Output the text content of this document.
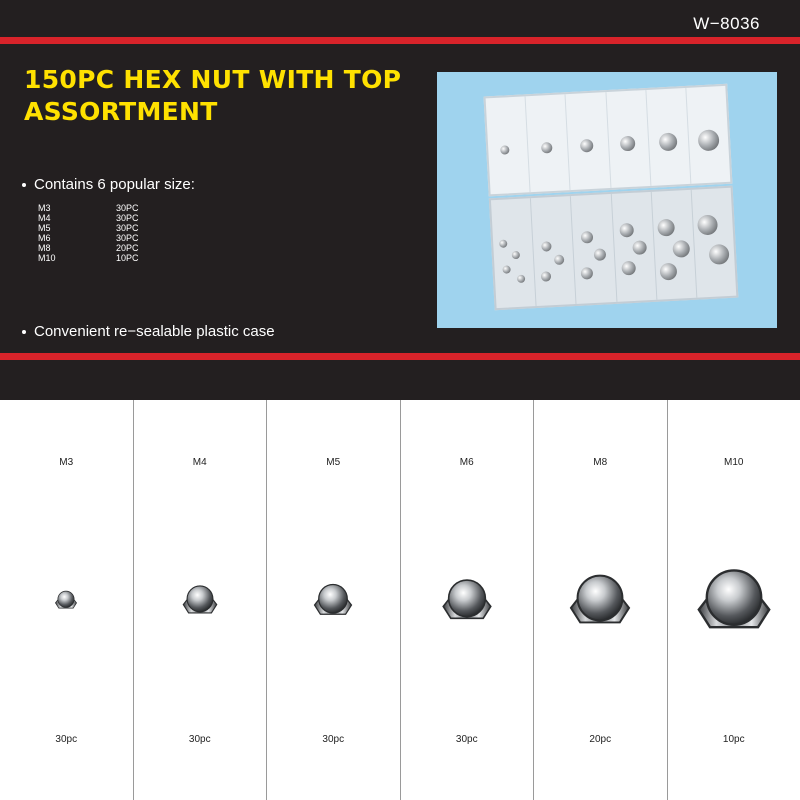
W−8036
150PC HEX NUT WITH TOP
ASSORTMENT
Contains 6 popular size:
M3	30PC
M4	30PC
M5	30PC
M6	30PC
M8	20PC
M10	10PC
Convenient re−sealable plastic case
M3
30pc
M4
30pc
M5
30pc
M6
30pc
M8
20pc
M10
10pc
